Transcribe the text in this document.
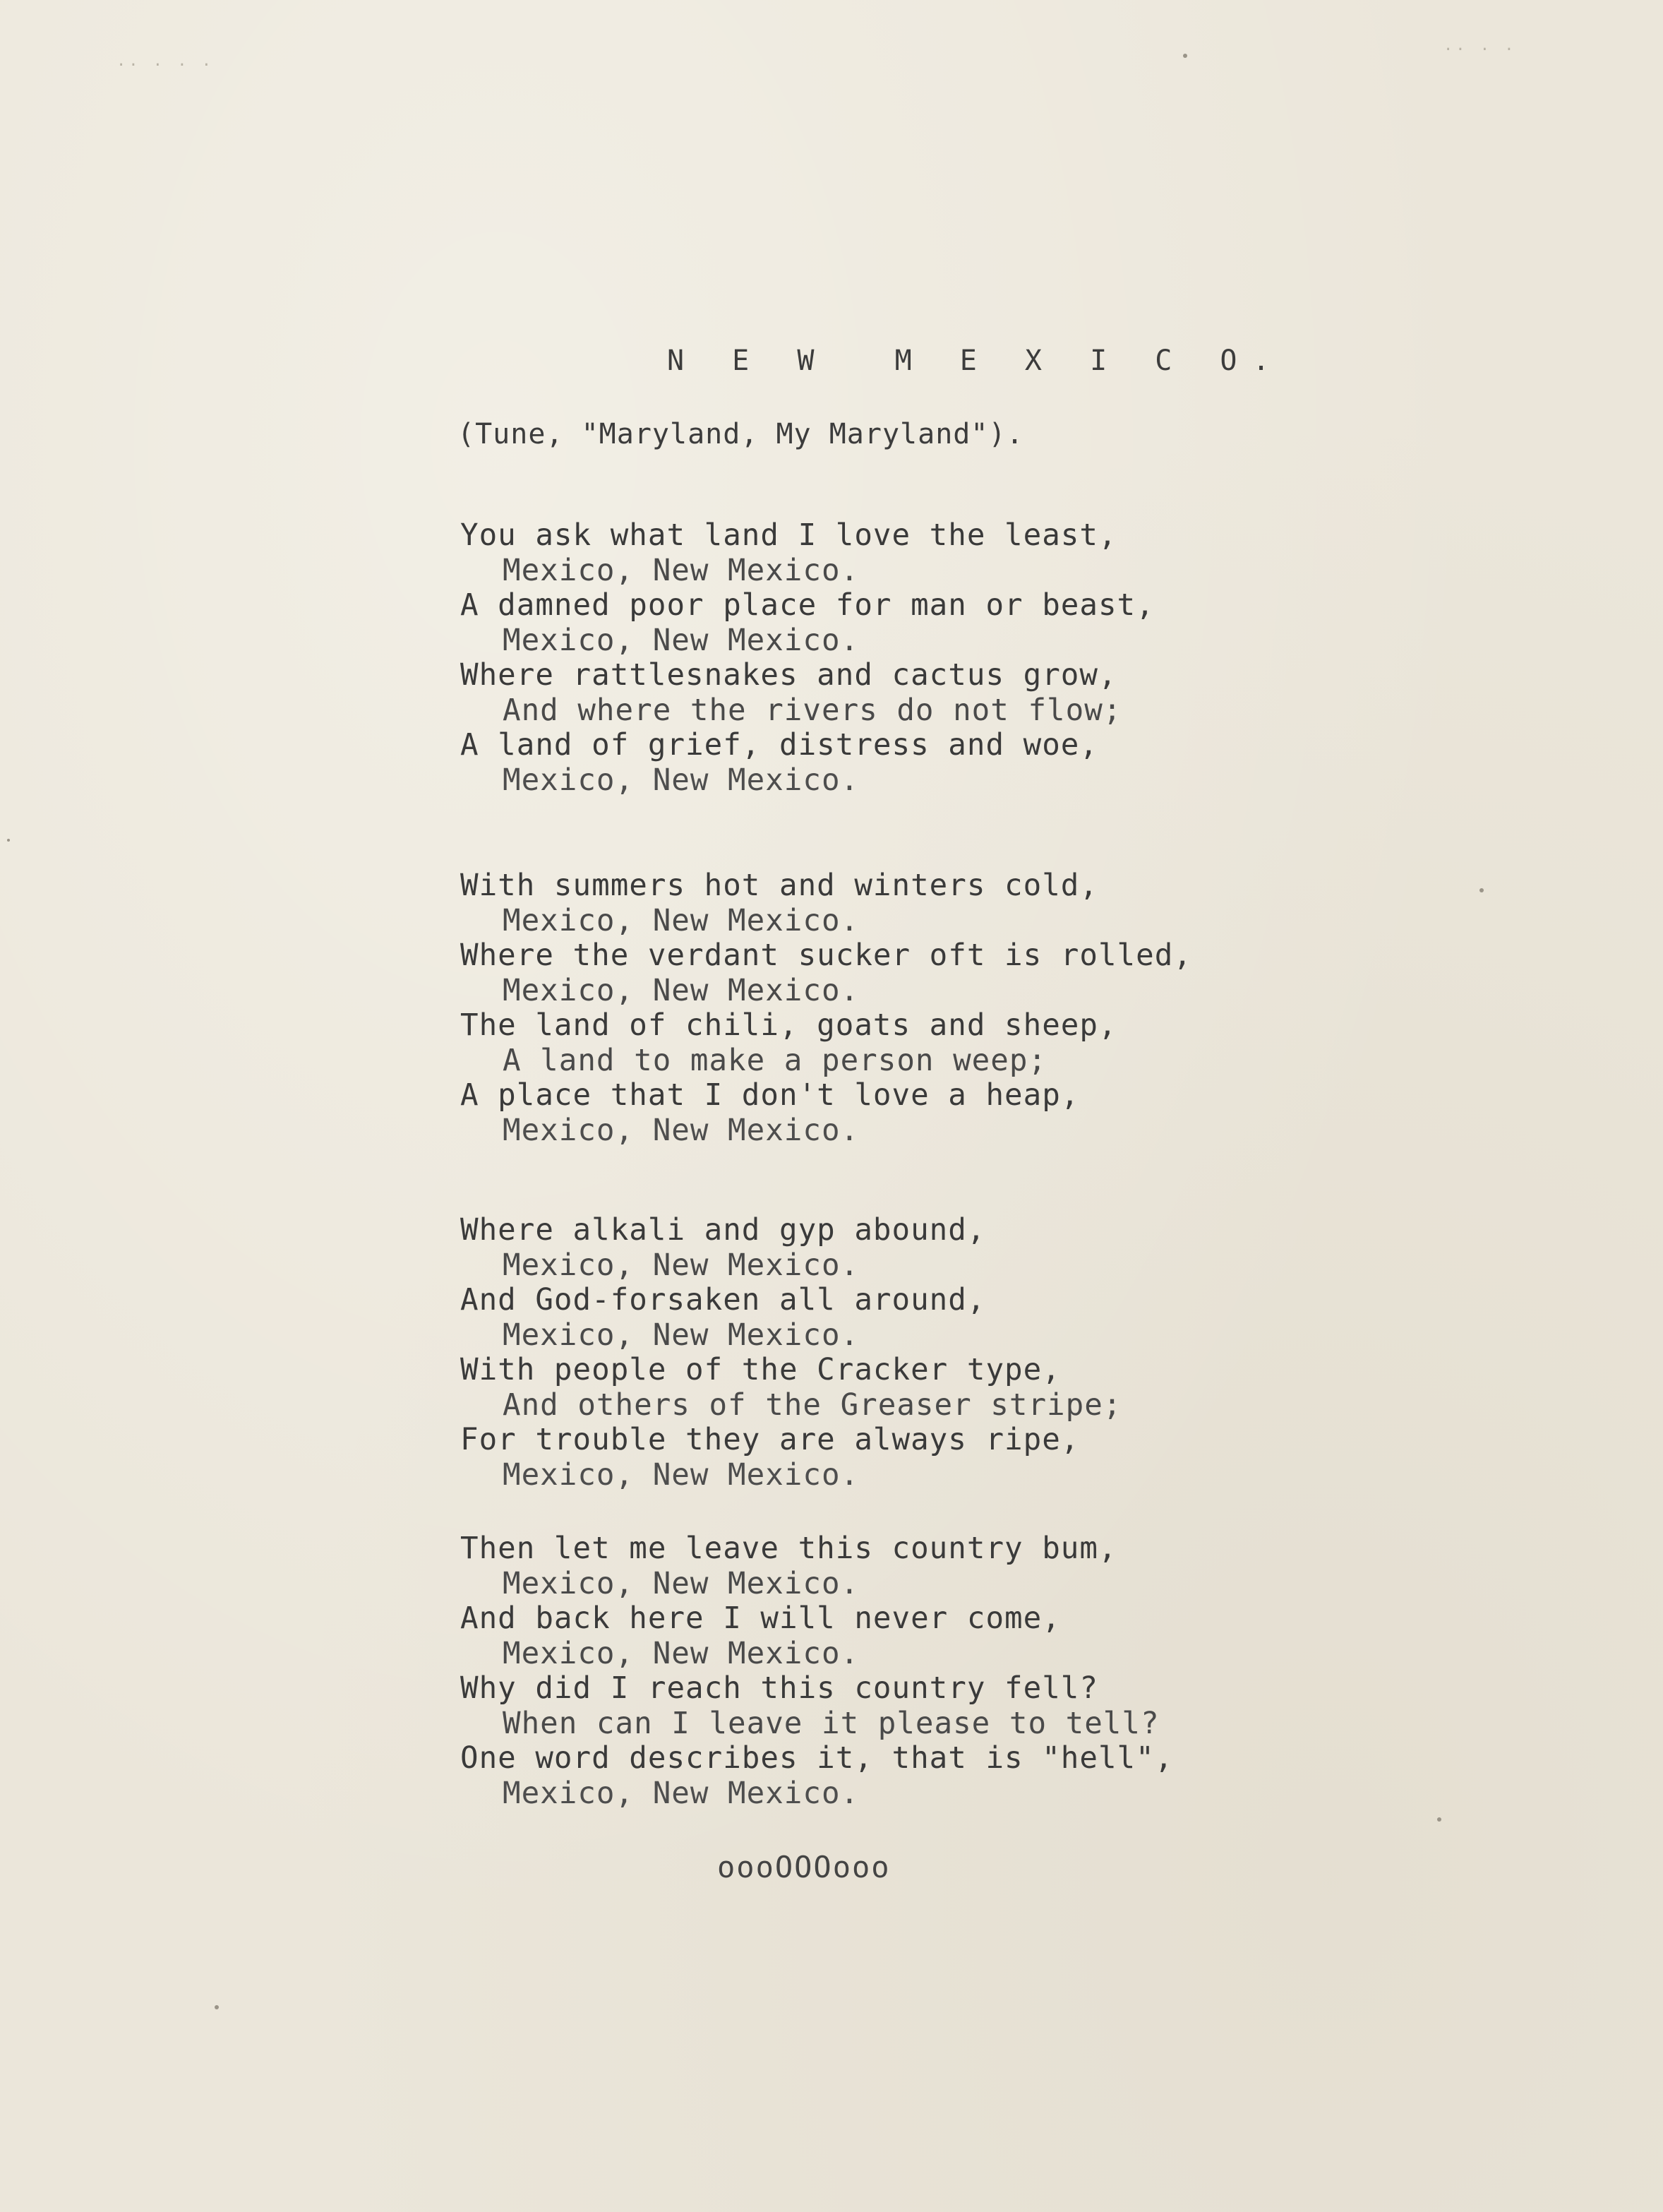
·· · · ·
·· · ·
N E W  M E X I C O.
(Tune, "Maryland, My Maryland").
You ask what land I love the least,
Mexico, New Mexico.
A damned poor place for man or beast,
Mexico, New Mexico.
Where rattlesnakes and cactus grow,
And where the rivers do not flow;
A land of grief, distress and woe,
Mexico, New Mexico.
With summers hot and winters cold,
Mexico, New Mexico.
Where the verdant sucker oft is rolled,
Mexico, New Mexico.
The land of chili, goats and sheep,
A land to make a person weep;
A place that I don't love a heap,
Mexico, New Mexico.
Where alkali and gyp abound,
Mexico, New Mexico.
And God-forsaken all around,
Mexico, New Mexico.
With people of the Cracker type,
And others of the Greaser stripe;
For trouble they are always ripe,
Mexico, New Mexico.
Then let me leave this country bum,
Mexico, New Mexico.
And back here I will never come,
Mexico, New Mexico.
Why did I reach this country fell?
When can I leave it please to tell?
One word describes it, that is "hell",
Mexico, New Mexico.
oooOOOooo
